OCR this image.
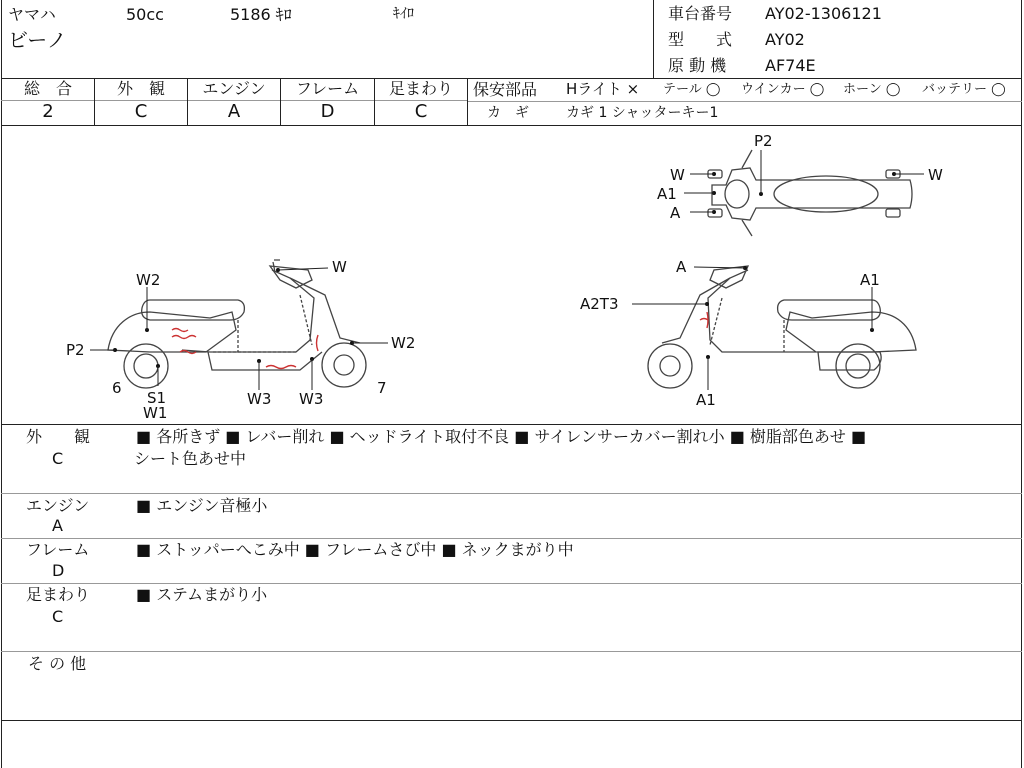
ヤマハ	50cc	5186 ｷﾛ	ｷｲﾛ
ビーノ
車台番号 AY02-1306121
型　　式 AY02
原 動 機 AF74E
総　合	外　観	エンジン	フレーム	足まわり
2	C	A	D	C
保安部品 Hライト × テール ◯ ウインカー ◯ ホーン ◯ バッテリー ◯
カ　ギ	カギ 1 シャッターキー1
W2
W
P2	W2
6
S1
W1
W3 W3
7
P2
W
A1
A
W
A
A1
A2T3
A1
外　　観
C
■ 各所きず ■ レバー削れ ■ ヘッドライト取付不良 ■ サイレンサーカバー割れ小 ■ 樹脂部色あせ ■
シート色あせ中
エンジン
A
■ エンジン音極小
フレーム
D
■ ストッパーへこみ中 ■ フレームさび中 ■ ネックまがり中
足まわり
C
■ ステムまがり小
そ の 他
